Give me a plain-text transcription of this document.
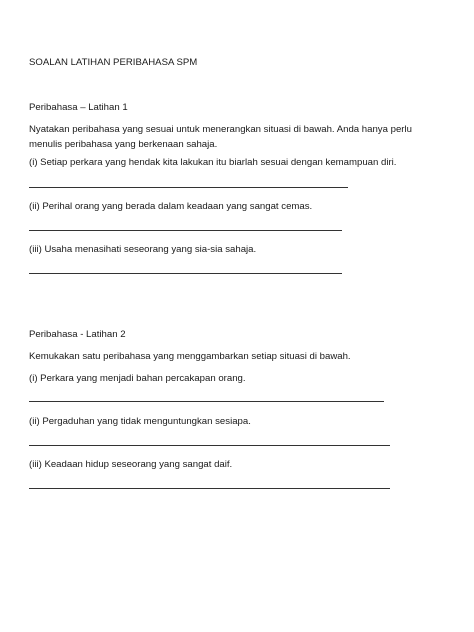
SOALAN LATIHAN PERIBAHASA SPM
Peribahasa – Latihan 1
Nyatakan peribahasa yang sesuai untuk menerangkan situasi di bawah. Anda hanya perlu
menulis peribahasa yang berkenaan sahaja.
(i) Setiap perkara yang hendak kita lakukan itu biarlah sesuai dengan kemampuan diri.
(ii) Perihal orang yang berada dalam keadaan yang sangat cemas.
(iii) Usaha menasihati seseorang yang sia-sia sahaja.
Peribahasa - Latihan 2
Kemukakan satu peribahasa yang menggambarkan setiap situasi di bawah.
(i) Perkara yang menjadi bahan percakapan orang.
(ii) Pergaduhan yang tidak menguntungkan sesiapa.
(iii) Keadaan hidup seseorang yang sangat daif.
